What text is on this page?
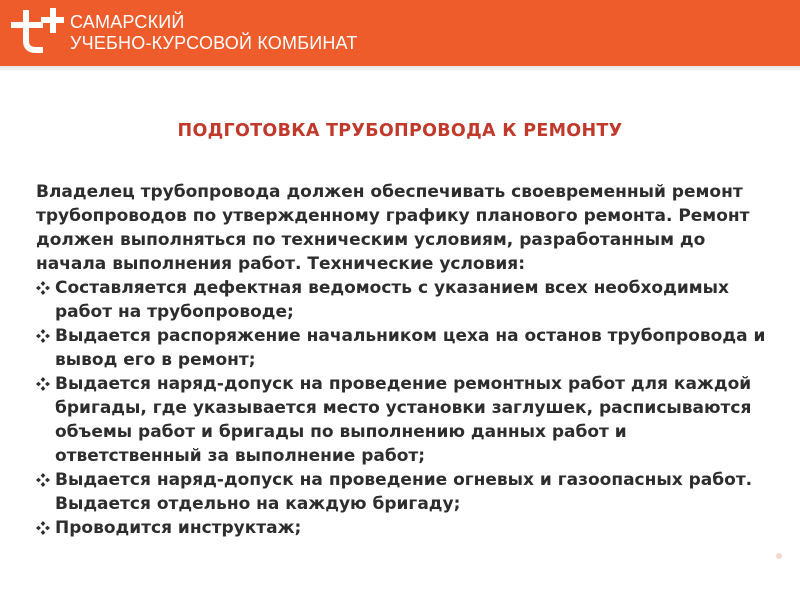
САМАРСКИЙ
УЧЕБНО-КУРСОВОЙ КОМБИНАТ
ПОДГОТОВКА ТРУБОПРОВОДА К РЕМОНТУ

Владелец трубопровода должен обеспечивать своевременный ремонт трубопроводов по утвержденному графику планового ремонта. Ремонт должен выполняться по техническим условиям, разработанным до начала выполнения работ. Технические условия:

Составляется дефектная ведомость с указанием всех необходимых работ на трубопроводе;
Выдается распоряжение начальником цеха на останов трубопровода и вывод его в ремонт;
Выдается наряд-допуск на проведение ремонтных работ для каждой бригады, где указывается место установки заглушек, расписываются объемы работ и бригады по выполнению данных работ и ответственный за выполнение работ;
Выдается наряд-допуск на проведение огневых и газоопасных работ. Выдается отдельно на каждую бригаду;
Проводится инструктаж;
